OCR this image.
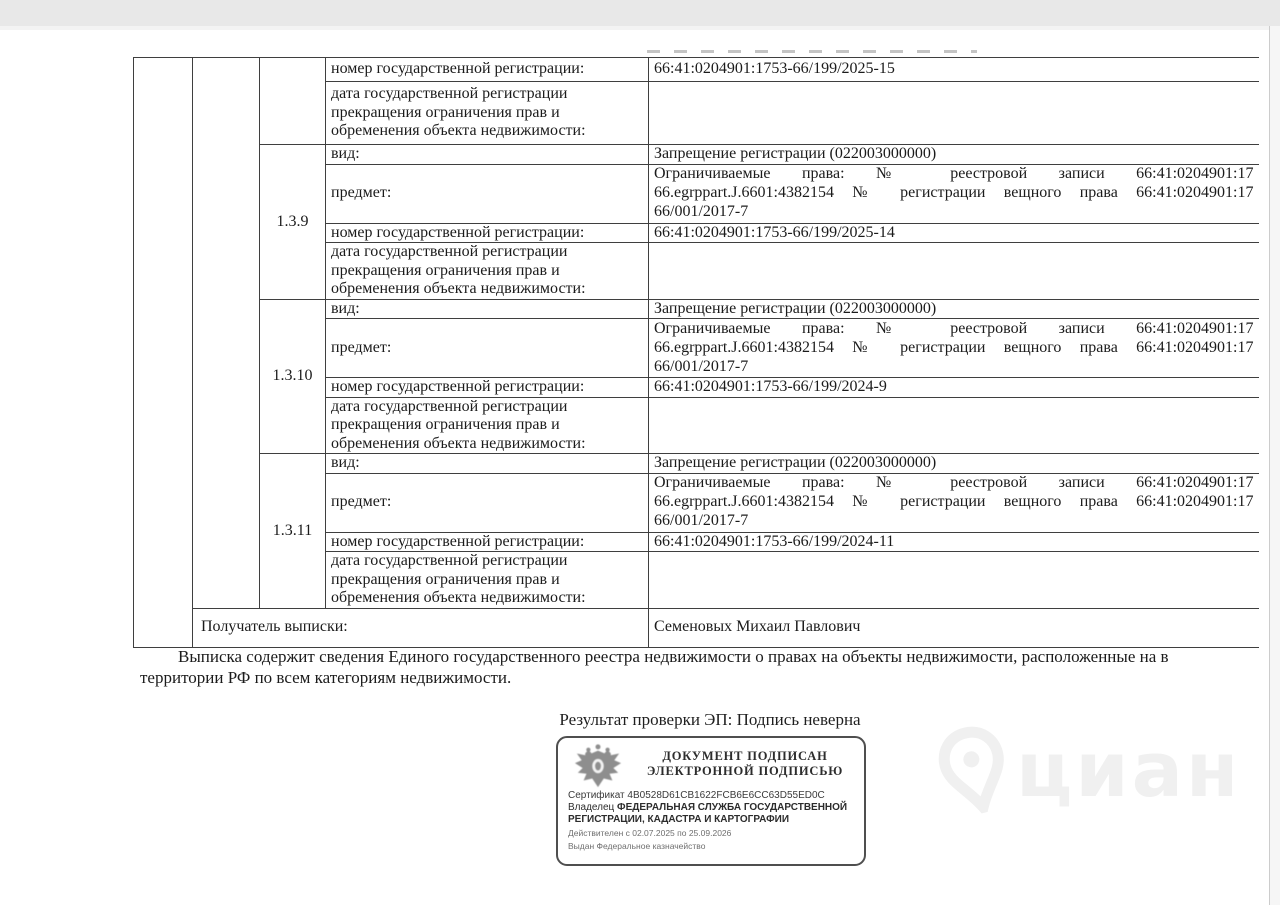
			номер государственной регистрации:	66:41:0204901:1753-66/199/2025-15
			дата государственной регистрации прекращения ограничения прав и обременения объекта недвижимости:	
		1.3.9	вид:	Запрещение регистрации (022003000000)
			предмет:	Ограничиваемые права: № реестровой записи 66:41:0204901:17
66.egrppart.J.6601:4382154 № регистрации вещного права 66:41:0204901:17
66/001/2017-7

			номер государственной регистрации:	66:41:0204901:1753-66/199/2025-14
			дата государственной регистрации прекращения ограничения прав и обременения объекта недвижимости:	
		1.3.10	вид:	Запрещение регистрации (022003000000)
			предмет:	Ограничиваемые права: № реестровой записи 66:41:0204901:17
66.egrppart.J.6601:4382154 № регистрации вещного права 66:41:0204901:17
66/001/2017-7

			номер государственной регистрации:	66:41:0204901:1753-66/199/2024-9
			дата государственной регистрации прекращения ограничения прав и обременения объекта недвижимости:	
		1.3.11	вид:	Запрещение регистрации (022003000000)
			предмет:	Ограничиваемые права: № реестровой записи 66:41:0204901:17
66.egrppart.J.6601:4382154 № регистрации вещного права 66:41:0204901:17
66/001/2017-7

			номер государственной регистрации:	66:41:0204901:1753-66/199/2024-11
			дата государственной регистрации прекращения ограничения прав и обременения объекта недвижимости:	
	Получатель выписки:			Семеновых Михаил Павлович
Выписка содержит сведения Единого государственного реестра недвижимости о правах на объекты недвижимости, расположенные на в
территории РФ по всем категориям недвижимости.
Результат проверки ЭП: Подпись неверна
ДОКУМЕНТ ПОДПИСАН
ЭЛЕКТРОННОЙ ПОДПИСЬЮ
Сертификат 4B0528D61CB1622FCB6E6CC63D55ED0C
Владелец ФЕДЕРАЛЬНАЯ СЛУЖБА ГОСУДАРСТВЕННОЙ РЕГИСТРАЦИИ, КАДАСТРА И КАРТОГРАФИИ
Действителен с 02.07.2025 по 25.09.2026
Выдан Федеральное казначейство
циан
